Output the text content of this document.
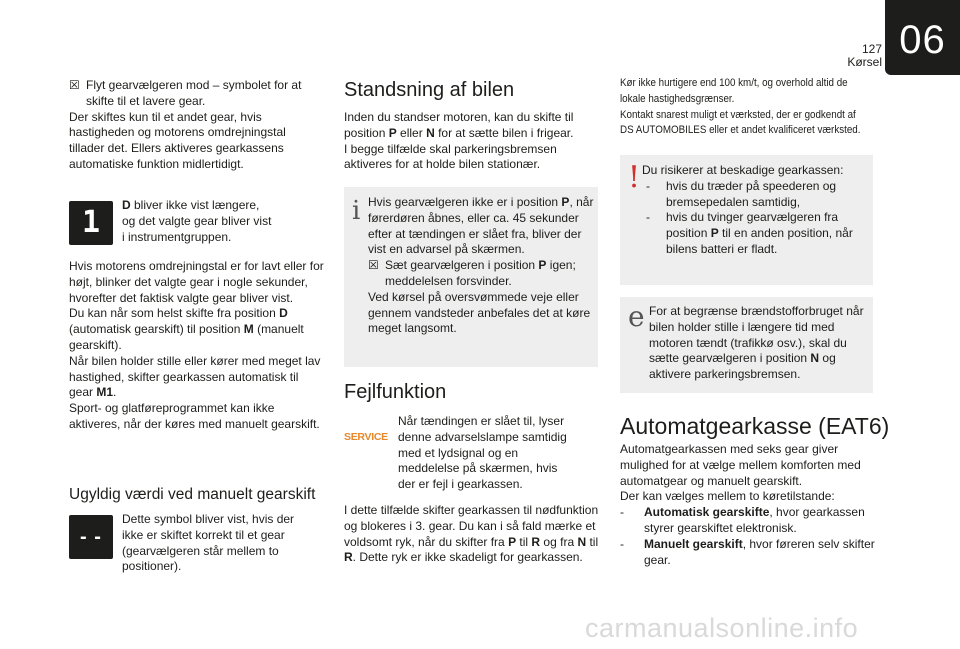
127
Kørsel 06

☒ Flyt gearvælgeren mod – symbolet for at skifte til et lavere gear.

Der skiftes kun til et andet gear, hvis hastigheden og motorens omdrejningstal tillader det. Ellers aktiveres gearkassens automatiske funktion midlertidigt.

1	D bliver ikke vist længere, og det valgte gear bliver vist i instrumentgruppen.

Hvis motorens omdrejningstal er for lavt eller for højt, blinker det valgte gear i nogle sekunder, hvorefter det faktisk valgte gear bliver vist.

Du kan når som helst skifte fra position D (automatisk gearskift) til position M (manuelt gearskift).

Når bilen holder stille eller kører med meget lav hastighed, skifter gearkassen automatisk til gear M1.

Sport- og glatføreprogrammet kan ikke aktiveres, når der køres med manuelt gearskift.

Ugyldig værdi ved manuelt gearskift
- -

Dette symbol bliver vist, hvis der ikke er skiftet korrekt til et gear (gearvælgeren står mellem to positioner).

Standsning af bilen

Inden du standser motoren, kan du skifte til position P eller N for at sætte bilen i frigear.

I begge tilfælde skal parkeringsbremsen aktiveres for at holde bilen stationær.

i Hvis gearvælgeren ikke er i position P, når førerdøren åbnes, eller ca. 45 sekunder efter at tændingen er slået fra, bliver der vist en advarsel på skærmen.

☒ Sæt gearvælgeren i position P igen; meddelelsen forsvinder.

Ved kørsel på oversvømmede veje eller gennem vandsteder anbefales det at køre meget langsomt.

Fejlfunktion
SERVICE

Når tændingen er slået til, lyser denne advarselslampe samtidig med et lydsignal og en meddelelse på skærmen, hvis der er fejl i gearkassen.

I dette tilfælde skifter gearkassen til nødfunktion og blokeres i 3. gear. Du kan i så fald mærke et voldsomt ryk, når du skifter fra P til R og fra N til R. Dette ryk er ikke skadeligt for gearkassen.

Kør ikke hurtigere end 100 km/t, og overhold altid de
lokale hastighedsgrænser.
Kontakt snarest muligt et værksted, der er godkendt af
DS AUTOMOBILES eller et andet kvalificeret værksted.
! Du risikerer at beskadige gearkassen:

- hvis du træder på speederen og bremsepedalen samtidig,

- hvis du tvinger gearvælgeren fra position P til en anden position, når bilens batteri er fladt.

e For at begrænse brændstofforbruget når bilen holder stille i længere tid med motoren tændt (trafikkø osv.), skal du sætte gearvælgeren i position N og aktivere parkeringsbremsen.

Automatgearkasse (EAT6)

Automatgearkassen med seks gear giver mulighed for at vælge mellem komforten med automatgear og manuelt gearskift.

Der kan vælges mellem to køretilstande:

- Automatisk gearskifte, hvor gearkassen styrer gearskiftet elektronisk.

- Manuelt gearskift, hvor føreren selv skifter gear.

carmanualsonline.info
